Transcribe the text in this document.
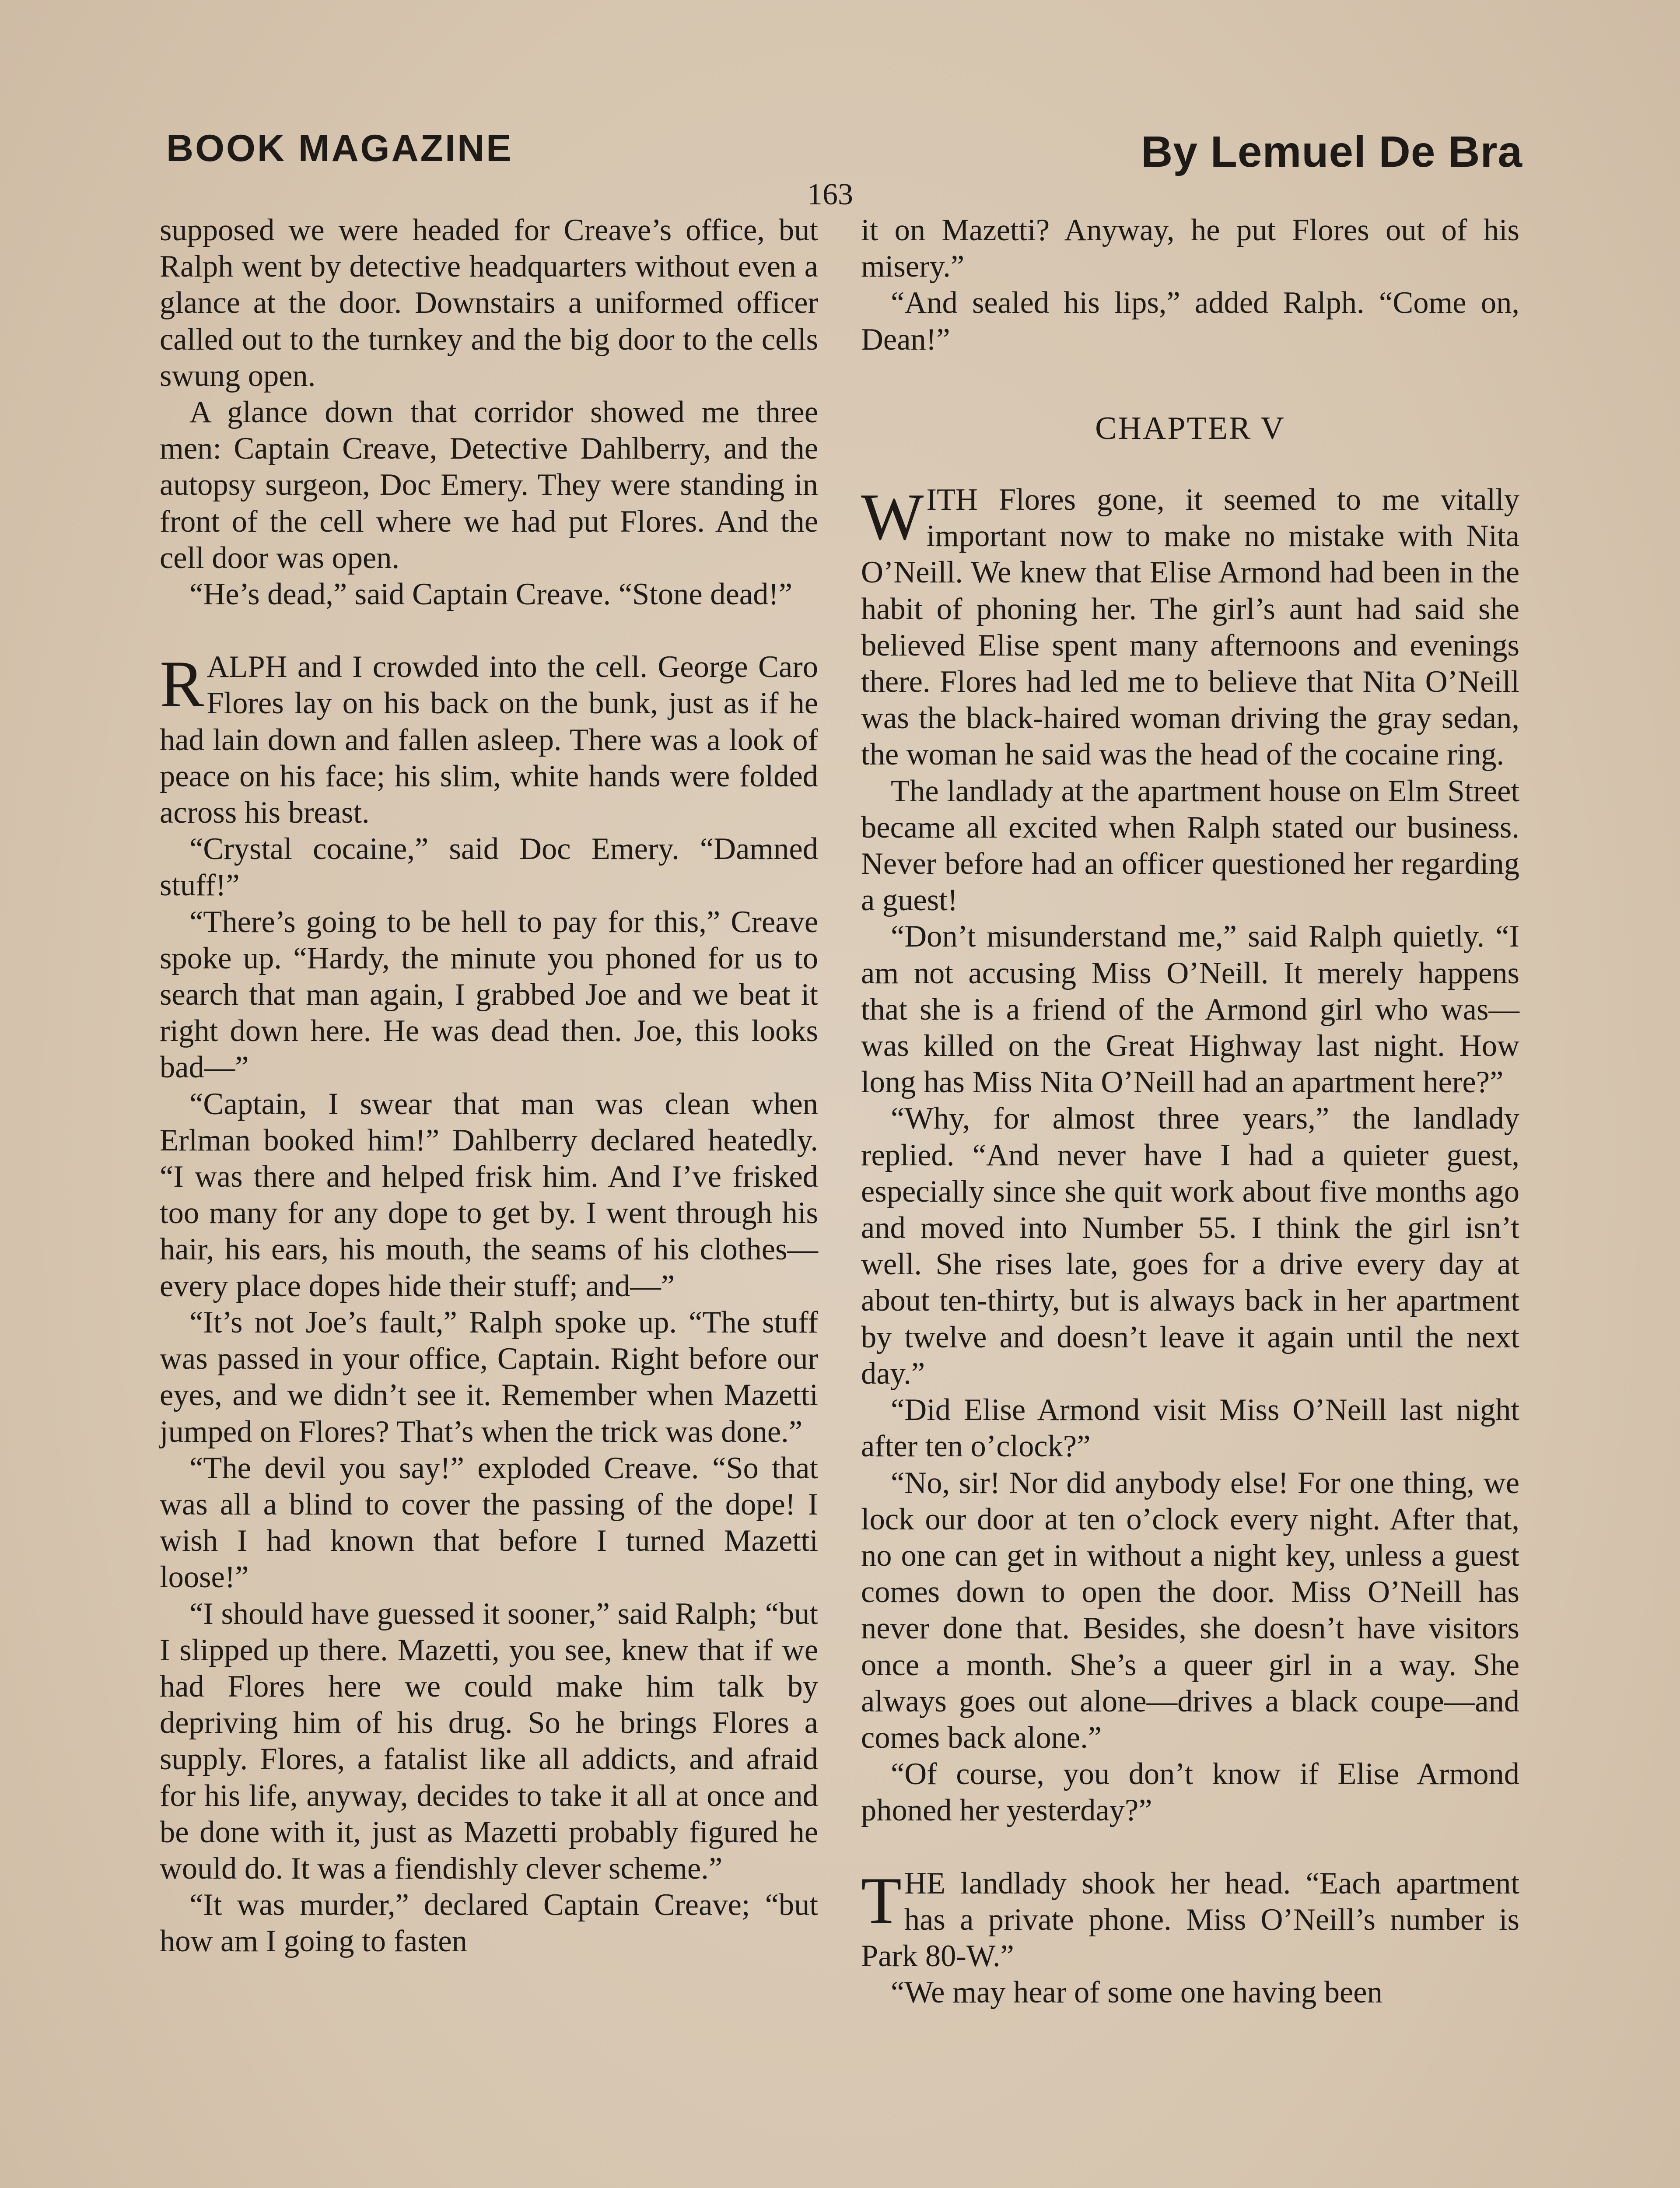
BOOK MAGAZINE	By Lemuel De Bra
163

supposed we were headed for Creave’s office, but Ralph went by detective headquarters without even a glance at the door. Downstairs a uniformed officer called out to the turnkey and the big door to the cells swung open.

A glance down that corridor showed me three men: Captain Creave, Detective Dahlberry, and the autopsy surgeon, Doc Emery. They were standing in front of the cell where we had put Flores. And the cell door was open.

“He’s dead,” said Captain Creave. “Stone dead!”

RALPH and I crowded into the cell. George Caro Flores lay on his back on the bunk, just as if he had lain down and fallen asleep. There was a look of peace on his face; his slim, white hands were folded across his breast.

“Crystal cocaine,” said Doc Emery. “Damned stuff!”

“There’s going to be hell to pay for this,” Creave spoke up. “Hardy, the minute you phoned for us to search that man again, I grabbed Joe and we beat it right down here. He was dead then. Joe, this looks bad—”

“Captain, I swear that man was clean when Erlman booked him!” Dahlberry declared heatedly. “I was there and helped frisk him. And I’ve frisked too many for any dope to get by. I went through his hair, his ears, his mouth, the seams of his clothes—every place dopes hide their stuff; and—”

“It’s not Joe’s fault,” Ralph spoke up. “The stuff was passed in your office, Captain. Right before our eyes, and we didn’t see it. Remember when Mazetti jumped on Flores? That’s when the trick was done.”

“The devil you say!” exploded Creave. “So that was all a blind to cover the passing of the dope! I wish I had known that before I turned Mazetti loose!”

“I should have guessed it sooner,” said Ralph; “but I slipped up there. Mazetti, you see, knew that if we had Flores here we could make him talk by depriving him of his drug. So he brings Flores a supply. Flores, a fatalist like all addicts, and afraid for his life, anyway, decides to take it all at once and be done with it, just as Mazetti probably figured he would do. It was a fiendishly clever scheme.”

“It was murder,” declared Captain Creave; “but how am I going to fasten

it on Mazetti? Anyway, he put Flores out of his misery.”

“And sealed his lips,” added Ralph. “Come on, Dean!”

CHAPTER V

WITH Flores gone, it seemed to me vitally important now to make no mistake with Nita O’Neill. We knew that Elise Armond had been in the habit of phoning her. The girl’s aunt had said she believed Elise spent many afternoons and evenings there. Flores had led me to believe that Nita O’Neill was the black-haired woman driving the gray sedan, the woman he said was the head of the cocaine ring.

The landlady at the apartment house on Elm Street became all excited when Ralph stated our business. Never before had an officer questioned her regarding a guest!

“Don’t misunderstand me,” said Ralph quietly. “I am not accusing Miss O’Neill. It merely happens that she is a friend of the Armond girl who was—was killed on the Great Highway last night. How long has Miss Nita O’Neill had an apartment here?”

“Why, for almost three years,” the landlady replied. “And never have I had a quieter guest, especially since she quit work about five months ago and moved into Number 55. I think the girl isn’t well. She rises late, goes for a drive every day at about ten-thirty, but is always back in her apartment by twelve and doesn’t leave it again until the next day.”

“Did Elise Armond visit Miss O’Neill last night after ten o’clock?”

“No, sir! Nor did anybody else! For one thing, we lock our door at ten o’clock every night. After that, no one can get in without a night key, unless a guest comes down to open the door. Miss O’Neill has never done that. Besides, she doesn’t have visitors once a month. She’s a queer girl in a way. She always goes out alone—drives a black coupe—and comes back alone.”

“Of course, you don’t know if Elise Armond phoned her yesterday?”

THE landlady shook her head. “Each apartment has a private phone. Miss O’Neill’s number is Park 80-W.”

“We may hear of some one having been
